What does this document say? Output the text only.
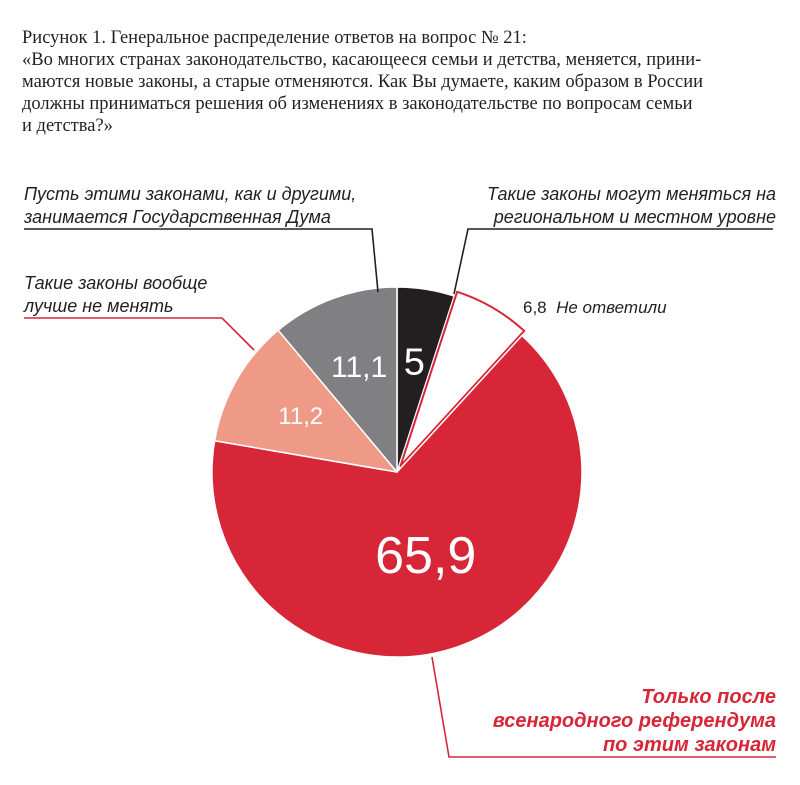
Рисунок 1. Генеральное распределение ответов на вопрос № 21:

«Во многих странах законодательство, касающееся семьи и детства, меняется, прини-

маются новые законы, а старые отменяются. Как Вы думаете, каким образом в России

должны приниматься решения об изменениях в законодательстве по вопросам семьи

и детства?»

5
65,9
11,2
11,1
Пусть этими законами, как и другими,
занимается Государственная Дума
Такие законы могут меняться на
региональном и местном уровне
Такие законы вообще
лучше не менять	6,8  Не ответили
Только после
всенародного референдума
по этим законам
